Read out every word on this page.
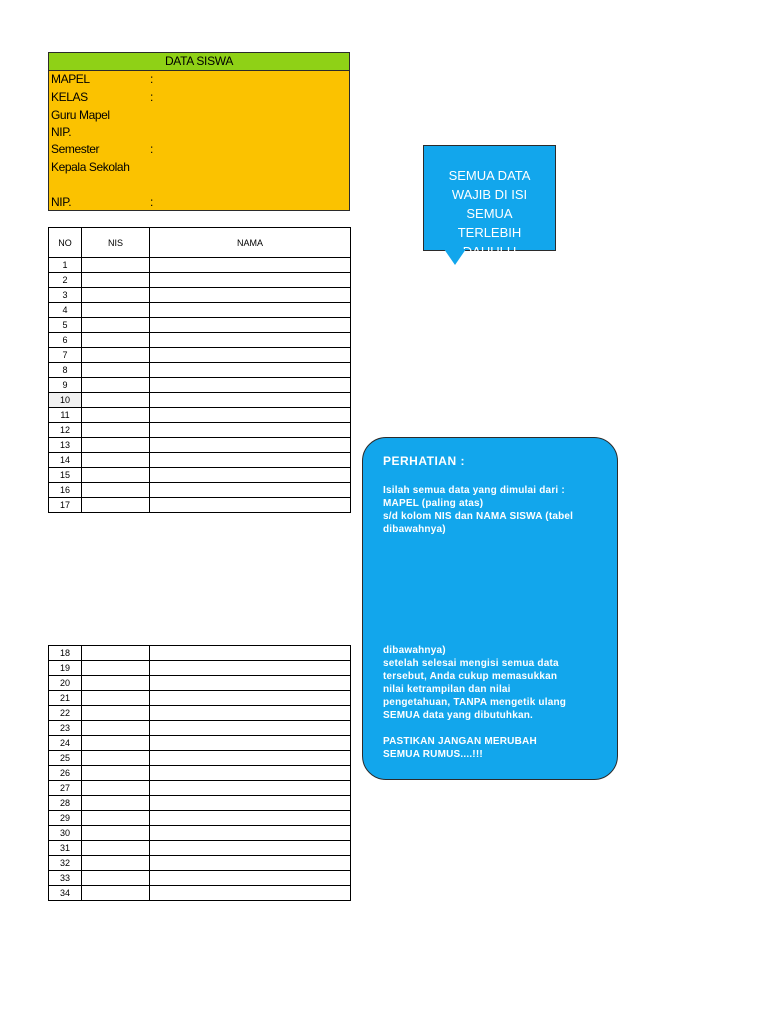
DATA SISWA
MAPEL	:
KELAS	:
Guru Mapel
NIP.
Semester	:
Kepala Sekolah
NIP.	:
NO	NIS	NAMA
1		
2		
3		
4		
5		
6		
7		
8		
9		
10		
11		
12		
13		
14		
15		
16		
17		
18		
19		
20		
21		
22		
23		
24		
25		
26		
27		
28		
29		
30		
31		
32		
33		
34		
SEMUA DATA WAJIB DI ISI SEMUA TERLEBIH DAHULU
PERHATIAN :
Isilah semua data yang dimulai dari :
MAPEL (paling atas)
s/d kolom NIS dan NAMA SISWA (tabel
dibawahnya)
dibawahnya)
setelah selesai mengisi semua data
tersebut, Anda cukup memasukkan
nilai ketrampilan dan nilai
pengetahuan, TANPA mengetik ulang
SEMUA data yang dibutuhkan.
PASTIKAN JANGAN MERUBAH
SEMUA RUMUS....!!!
